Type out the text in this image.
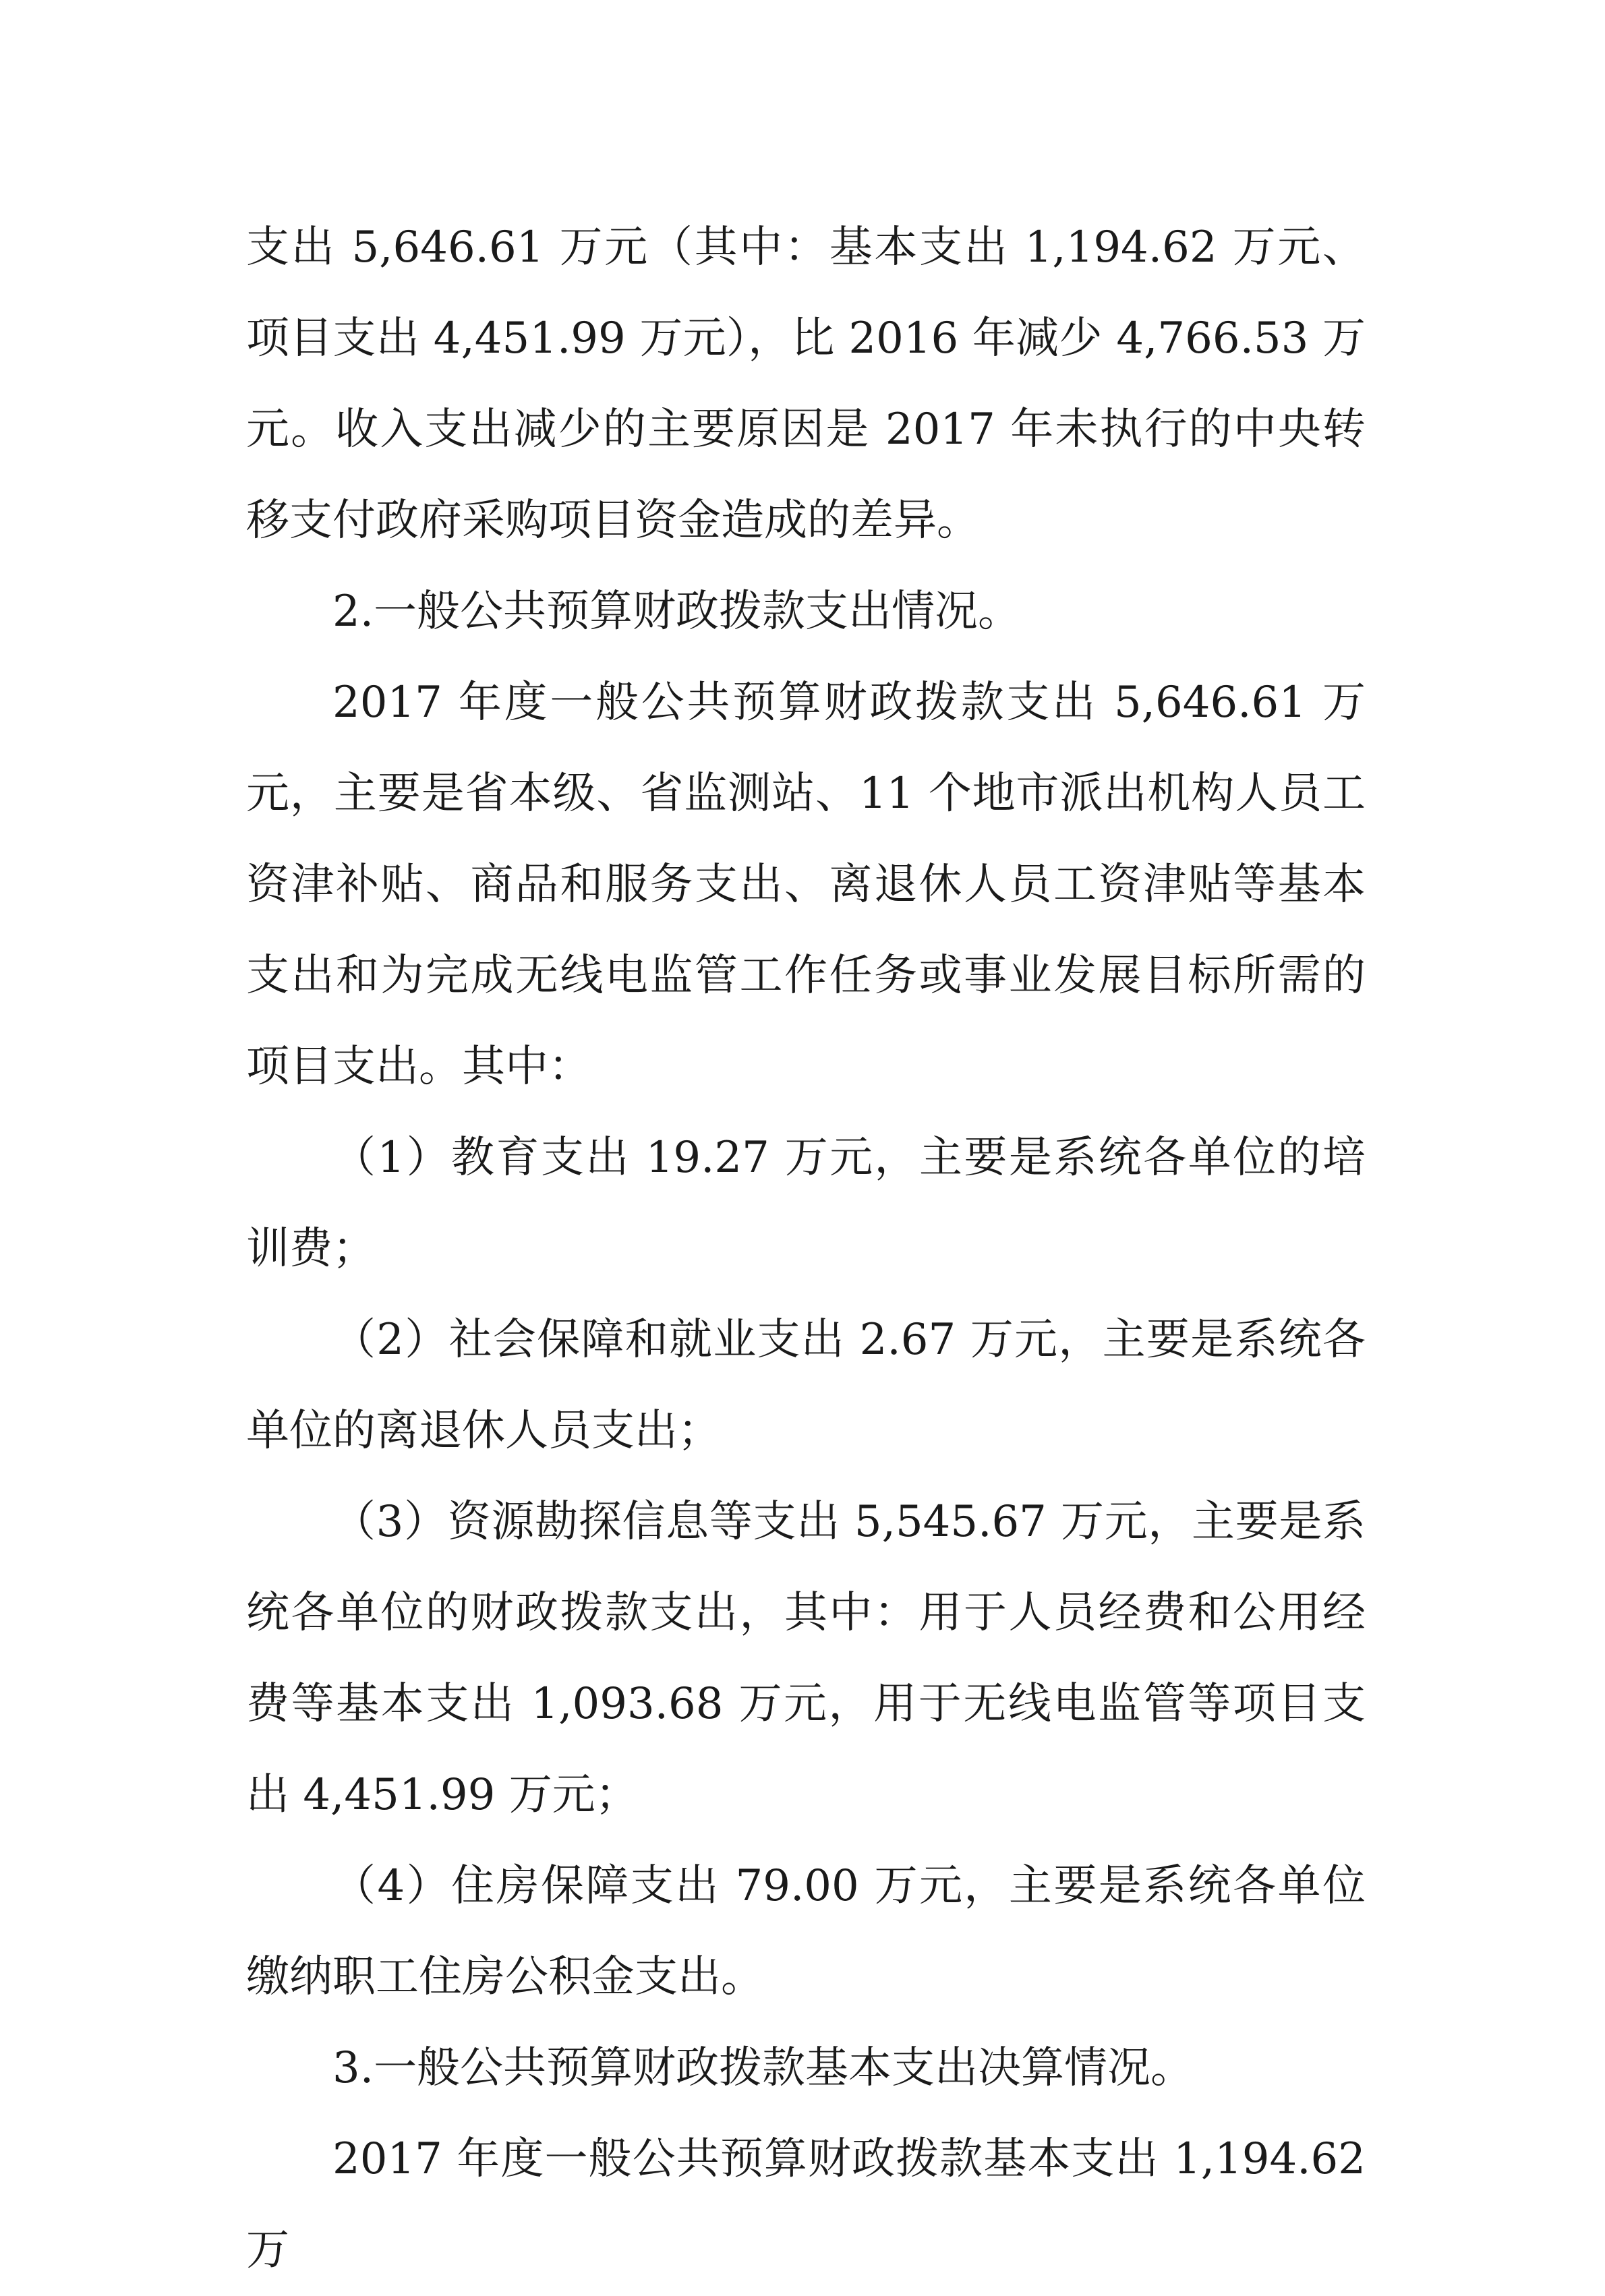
支出 5,646.61 万元（其中：基本支出 1,194.62 万元、项目支出 4,451.99 万元），比 2016 年减少 4,766.53 万元。收入支出减少的主要原因是 2017 年未执行的中央转移支付政府采购项目资金造成的差异。

2.一般公共预算财政拨款支出情况。

2017 年度一般公共预算财政拨款支出 5,646.61 万元，主要是省本级、省监测站、11 个地市派出机构人员工资津补贴、商品和服务支出、离退休人员工资津贴等基本支出和为完成无线电监管工作任务或事业发展目标所需的项目支出。其中：

（1）教育支出 19.27 万元，主要是系统各单位的培训费；

（2）社会保障和就业支出 2.67 万元，主要是系统各单位的离退休人员支出；

（3）资源勘探信息等支出 5,545.67 万元，主要是系统各单位的财政拨款支出，其中：用于人员经费和公用经费等基本支出 1,093.68 万元，用于无线电监管等项目支出 4,451.99 万元；

（4）住房保障支出 79.00 万元，主要是系统各单位缴纳职工住房公积金支出。

3.一般公共预算财政拨款基本支出决算情况。

2017 年度一般公共预算财政拨款基本支出 1,194.62 万
